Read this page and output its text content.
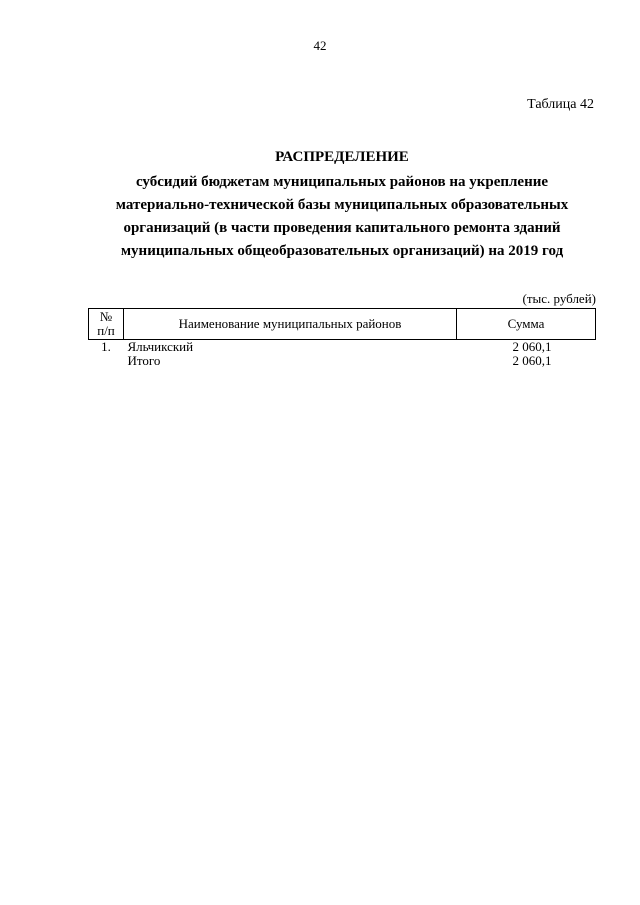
42
Таблица 42

РАСПРЕДЕЛЕНИЕ

субсидий бюджетам муниципальных районов на укрепление
материально-технической базы муниципальных образовательных
организаций (в части проведения капитального ремонта зданий
муниципальных общеобразовательных организаций) на 2019 год

(тыс. рублей)
№
п/п	Наименование муниципальных районов	Сумма
1.	Яльчикский	2 060,1
	Итого	2 060,1
